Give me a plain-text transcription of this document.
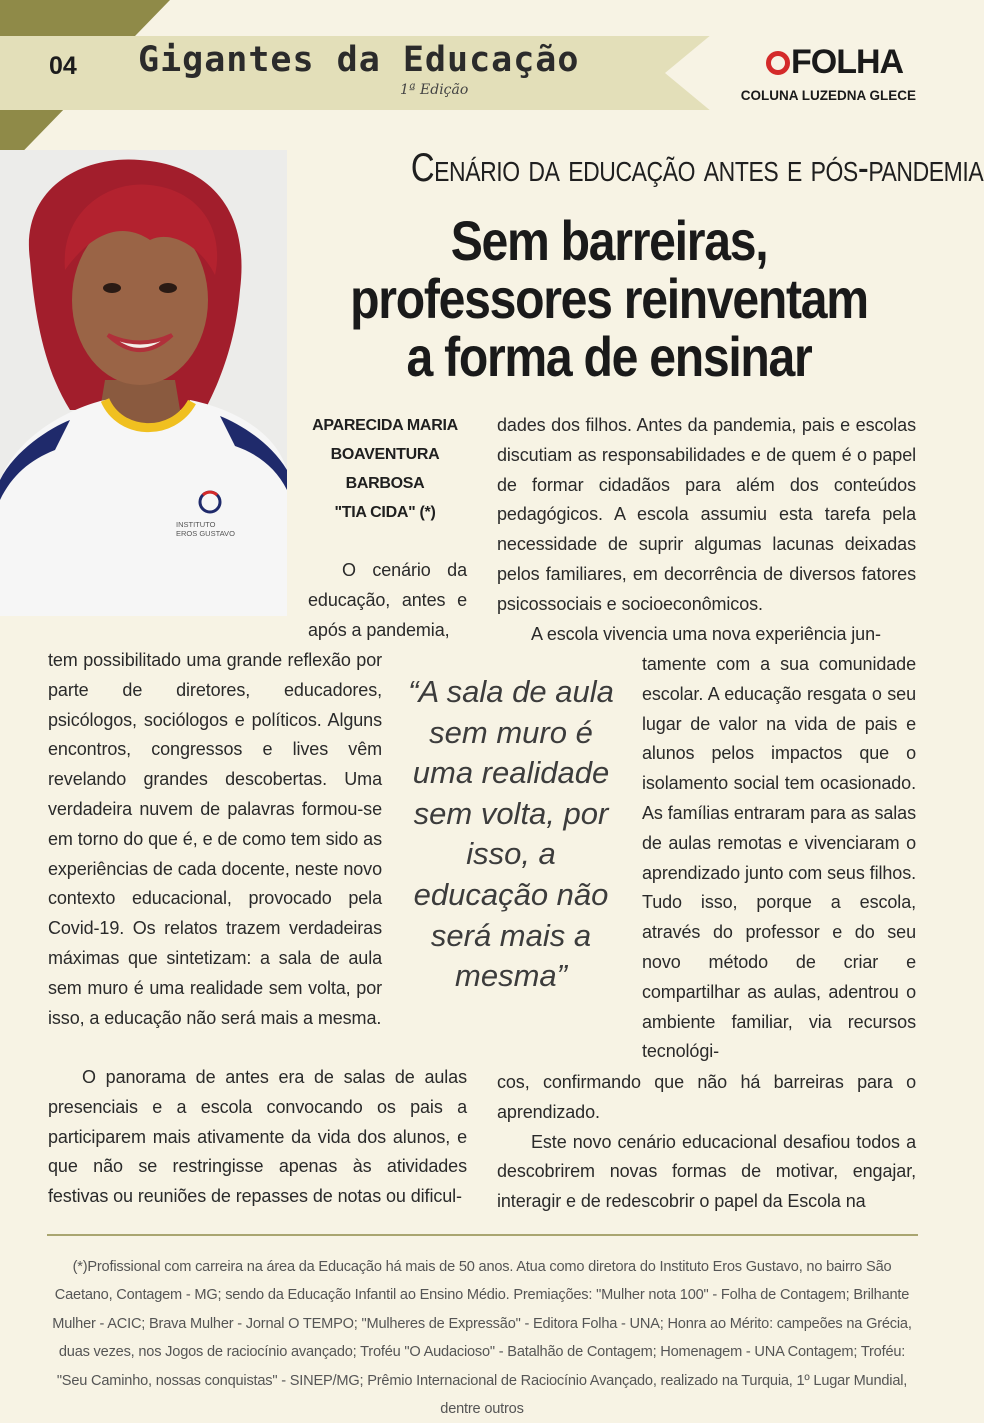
04 Gigantes da Educação
1ª Edição
FOLHA
COLUNA LUZEDNA GLECE
INSTITUTO
EROS GUSTAVO
Cenário da educação antes e pós-pandemia
Sem barreiras,
professores reinventam
a forma de ensinar
APARECIDA MARIA
BOAVENTURA
BARBOSA
"TIA CIDA" (*)
O cenário da educação, antes e após a pandemia,
tem possibilitado uma grande reflexão por parte de diretores, educadores, psicólogos, sociólogos e políticos. Alguns encontros, congressos e lives vêm revelando grandes descobertas. Uma verdadeira nuvem de palavras formou-se em torno do que é, e de como tem sido as experiências de cada docente, neste novo contexto educacional, provocado pela Covid-19. Os relatos trazem verdadeiras máximas que sintetizam: a sala de aula sem muro é uma realidade sem volta, por isso, a educação não será mais a mesma.
O panorama de antes era de salas de aulas presenciais e a escola convocando os pais a participarem mais ativamente da vida dos alunos, e que não se restringisse apenas às atividades festivas ou reuniões de repasses de notas ou dificul-
dades dos filhos. Antes da pandemia, pais e escolas discutiam as responsabilidades e de quem é o papel de formar cidadãos para além dos conteúdos pedagógicos. A escola assumiu esta tarefa pela necessidade de suprir algumas lacunas deixadas pelos familiares, em decorrência de diversos fatores psicossociais e socioeconômicos.
A escola vivencia uma nova experiência jun-
tamente com a sua comunidade escolar. A educação resgata o seu lugar de valor na vida de pais e alunos pelos impactos que o isolamento social tem ocasionado. As famílias entraram para as salas de aulas remotas e vivenciaram o aprendizado junto com seus filhos. Tudo isso, porque a escola, através do professor e do seu novo método de criar e compartilhar as aulas, adentrou o ambiente familiar, via recursos tecnológi-

cos, confirmando que não há barreiras para o aprendizado.

Este novo cenário educacional desafiou todos a descobrirem novas formas de motivar, engajar, interagir e de redescobrir o papel da Escola na

“A sala de aula sem muro é uma realidade sem volta, por isso, a educação não será mais a mesma”
(*)Profissional com carreira na área da Educação há mais de 50 anos. Atua como diretora do Instituto Eros Gustavo, no bairro São Caetano, Contagem - MG; sendo da Educação Infantil ao Ensino Médio. Premiações: "Mulher nota 100" - Folha de Contagem; Brilhante Mulher - ACIC; Brava Mulher - Jornal O TEMPO; "Mulheres de Expressão" - Editora Folha - UNA; Honra ao Mérito: campeões na Grécia, duas vezes, nos Jogos de raciocínio avançado; Troféu "O Audacioso" - Batalhão de Contagem; Homenagem - UNA Contagem; Troféu: "Seu Caminho, nossas conquistas" - SINEP/MG; Prêmio Internacional de Raciocínio Avançado, realizado na Turquia, 1º Lugar Mundial, dentre outros
